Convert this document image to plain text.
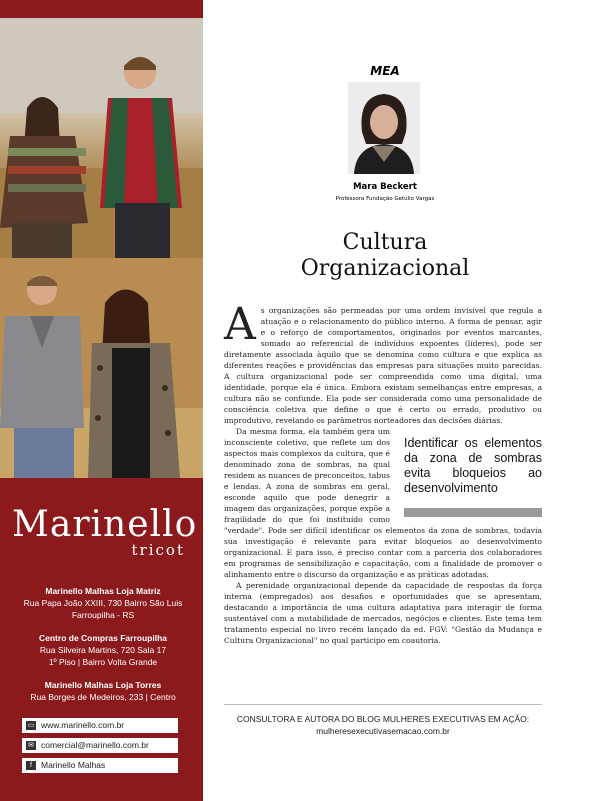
Marinello
tricot
Marinello Malhas Loja Matriz
Rua Papa João XXIII, 730 Bairro São Luis
Farroupilha - RS
Centro de Compras Farroupilha
Rua Silveira Martins, 720 Sala 17
1º Piso | Bairro Volta Grande
Marinello Malhas Loja Torres
Rua Borges de Medeiros, 233 | Centro
▭ www.marinello.com.br
✉ comercial@marinello.com.br
f	Marinello Malhas
MEA
Mara Beckert
Professora Fundação Getúlio Vargas
Cultura
Organizacional

As organizações são permeadas por uma ordem invisível que regula a atuação e o relacionamento do público interno. A forma de pensar, agir e o reforço de comportamentos, originados por eventos marcantes, somado ao referencial de indivíduos expoentes (líderes), pode ser diretamente associada àquilo que se denomina como cultura e que explica as diferentes reações e providências das empresas para situações muito parecidas. A cultura organizacional pode ser compreendida como uma digital, uma identidade, porque ela é única. Embora existam semelhanças entre empresas, a cultura não se confunde. Ela pode ser considerada como uma personalidade de consciência coletiva que define o que é certo ou errado, produtivo ou improdutivo, revelando os parâmetros norteadores das decisões diárias.

Identificar os elementos da zona de sombras evita bloqueios ao desenvolvimento

Da mesma forma, ela também gera um inconsciente coletivo, que reflete um dos aspectos mais complexos da cultura, que é denominado zona de sombras, na qual residem as nuances de preconceitos, tabus e lendas. A zona de sombras em geral, esconde aquilo que pode denegrir a imagem das organizações, porque expõe a fragilidade do que foi instituído como "verdade". Pode ser difícil identificar os elementos da zona de sombras, todavia sua investigação é relevante para evitar bloqueios ao desenvolvimento organizacional. E para isso, é preciso contar com a parceria dos colaboradores em programas de sensibilização e capacitação, com a finalidade de promover o alinhamento entre o discurso da organização e as práticas adotadas.

A perenidade organizacional depende da capacidade de respostas da força interna (empregados) aos desafios e oportunidades que se apresentam, destacando a importância de uma cultura adaptativa para interagir de forma sustentável com a mutabilidade de mercados, negócios e clientes. Este tema tem tratamento especial no livro recém lançado da ed. FGV: "Gestão da Mudança e Cultura Organizacional" no qual participo em coautoria.

CONSULTORA E AUTORA DO BLOG MULHERES EXECUTIVAS EM AÇÃO:
mulheresexecutivasemacao.com.br
